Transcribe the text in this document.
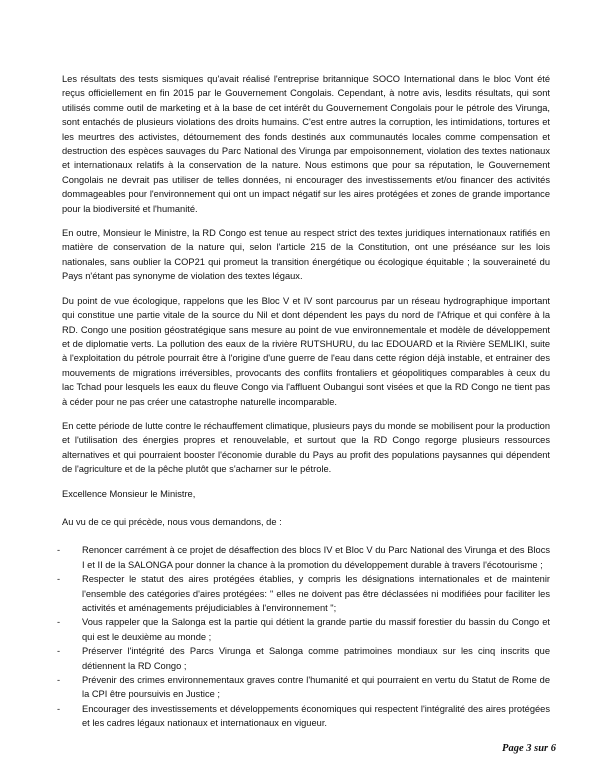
Les résultats des tests sismiques qu'avait réalisé l'entreprise britannique SOCO International dans le bloc Vont été reçus officiellement en fin 2015 par le Gouvernement Congolais. Cependant, à notre avis, lesdits résultats, qui sont utilisés comme outil de marketing et à la base de cet intérêt du Gouvernement Congolais pour le pétrole des Virunga, sont entachés de plusieurs violations des droits humains. C'est entre autres la corruption, les intimidations, tortures et les meurtres des activistes, détournement des fonds destinés aux communautés locales comme compensation et destruction des espèces sauvages du Parc National des Virunga par empoisonnement, violation des textes nationaux et internationaux relatifs à la conservation de la nature. Nous estimons que pour sa réputation, le Gouvernement Congolais ne devrait pas utiliser de telles données, ni encourager des investissements et/ou financer des activités dommageables pour l'environnement qui ont un impact négatif sur les aires protégées et zones de grande importance pour la biodiversité et l'humanité.

En outre, Monsieur le Ministre, la RD Congo est tenue au respect strict des textes juridiques internationaux ratifiés en matière de conservation de la nature qui, selon l'article 215 de la Constitution, ont une préséance sur les lois nationales, sans oublier la COP21 qui promeut la transition énergétique ou écologique équitable ; la souveraineté du Pays n'étant pas synonyme de violation des textes légaux.

Du point de vue écologique, rappelons que les Bloc V et IV sont parcourus par un réseau hydrographique important qui constitue une partie vitale de la source du Nil et dont dépendent les pays du nord de l'Afrique et qui confère à la RD. Congo une position géostratégique sans mesure au point de vue environnementale et modèle de développement et de diplomatie verts. La pollution des eaux de la rivière RUTSHURU, du lac EDOUARD et la Rivière SEMLIKI, suite à l'exploitation du pétrole pourrait être à l'origine d'une guerre de l'eau dans cette région déjà instable, et entrainer des mouvements de migrations irréversibles, provocants des conflits frontaliers et géopolitiques comparables à ceux du lac Tchad pour lesquels les eaux du fleuve Congo via l'affluent Oubangui sont visées et que la RD Congo ne tient pas à céder pour ne pas créer une catastrophe naturelle incomparable.

En cette période de lutte contre le réchauffement climatique, plusieurs pays du monde se mobilisent pour la production et l'utilisation des énergies propres et renouvelable, et surtout que la RD Congo regorge plusieurs ressources alternatives et qui pourraient booster l'économie durable du Pays au profit des populations paysannes qui dépendent de l'agriculture et de la pêche plutôt que s'acharner sur le pétrole.

Excellence Monsieur le Ministre,

Au vu de ce qui précède, nous vous demandons, de :

- Renoncer carrément à ce projet de désaffection des blocs IV et Bloc V du Parc National des Virunga et des Blocs I et II de la SALONGA pour donner la chance à la promotion du développement durable à travers l'écotourisme ;
- Respecter le statut des aires protégées établies, y compris les désignations internationales et de maintenir l'ensemble des catégories d'aires protégées: '' elles ne doivent pas être déclassées ni modifiées pour faciliter les activités et aménagements préjudiciables à l'environnement ";
- Vous rappeler que la Salonga est la partie qui détient la grande partie du massif forestier du bassin du Congo et qui est le deuxième au monde ;
- Préserver l'intégrité des Parcs Virunga et Salonga comme patrimoines mondiaux sur les cinq inscrits que détiennent la RD Congo ;
- Prévenir des crimes environnementaux graves contre l'humanité et qui pourraient en vertu du Statut de Rome de la CPI être poursuivis en Justice ;
- Encourager des investissements et développements économiques qui respectent l'intégralité des aires protégées et les cadres légaux nationaux et internationaux en vigueur.
Page 3 sur 6
